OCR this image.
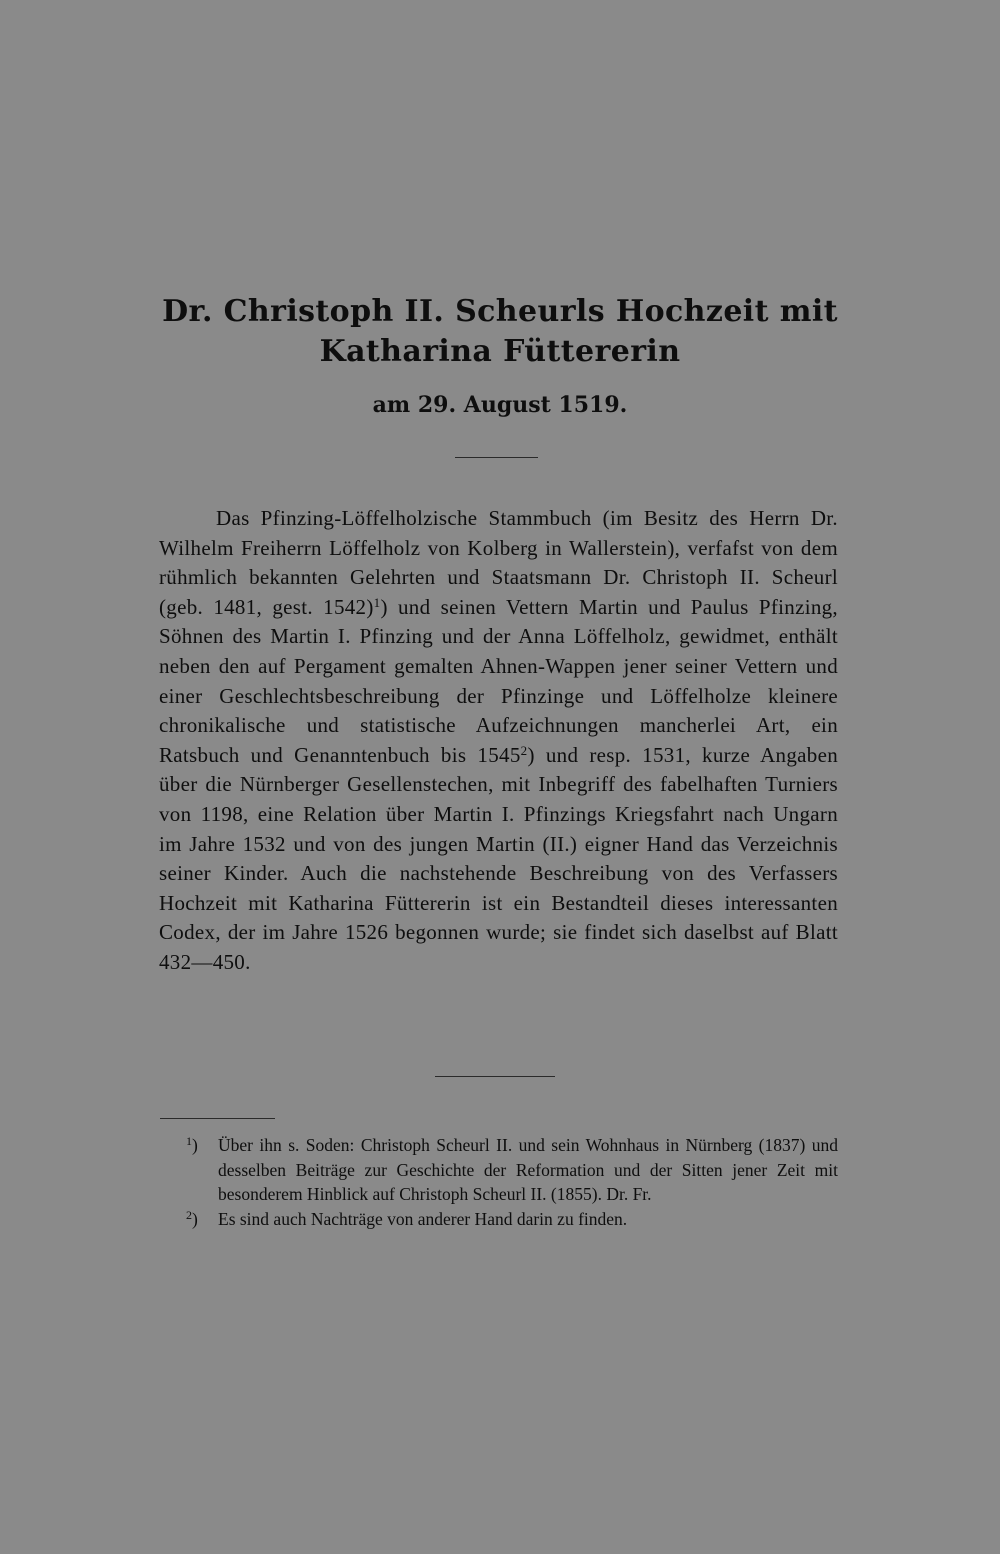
Dr. Christoph II. Scheurls Hochzeit mit
Katharina Füttererin
am 29. August 1519.

Das Pfinzing-Löffelholzische Stammbuch (im Besitz des Herrn Dr. Wilhelm Freiherrn Löffelholz von Kolberg in Wallerstein), verfafst von dem rühmlich bekannten Gelehrten und Staatsmann Dr. Christoph II. Scheurl (geb. 1481, gest. 1542)$^1$) und seinen Vettern Martin und Paulus Pfinzing, Söhnen des Martin I. Pfinzing und der Anna Löffelholz, gewidmet, enthält neben den auf Pergament gemalten Ahnen-Wappen jener seiner Vettern und einer Geschlechtsbeschreibung der Pfinzinge und Löffelholze kleinere chronikalische und statistische Aufzeichnungen mancherlei Art, ein Ratsbuch und Genanntenbuch bis 1545$^2$) und resp. 1531, kurze Angaben über die Nürnberger Gesellenstechen, mit Inbegriff des fabelhaften Turniers von 1198, eine Relation über Martin I. Pfinzings Kriegsfahrt nach Ungarn im Jahre 1532 und von des jungen Martin (II.) eigner Hand das Verzeichnis seiner Kinder. Auch die nachstehende Beschreibung von des Verfassers Hochzeit mit Katharina Füttererin ist ein Bestandteil dieses interessanten Codex, der im Jahre 1526 begonnen wurde; sie findet sich daselbst auf Blatt 432—450.

$^1$) Über ihn s. Soden: Christoph Scheurl II. und sein Wohnhaus in Nürnberg (1837) und desselben Beiträge zur Geschichte der Reformation und der Sitten jener Zeit mit besonderem Hinblick auf Christoph Scheurl II. (1855). Dr. Fr.

$^2$) Es sind auch Nachträge von anderer Hand darin zu finden.
